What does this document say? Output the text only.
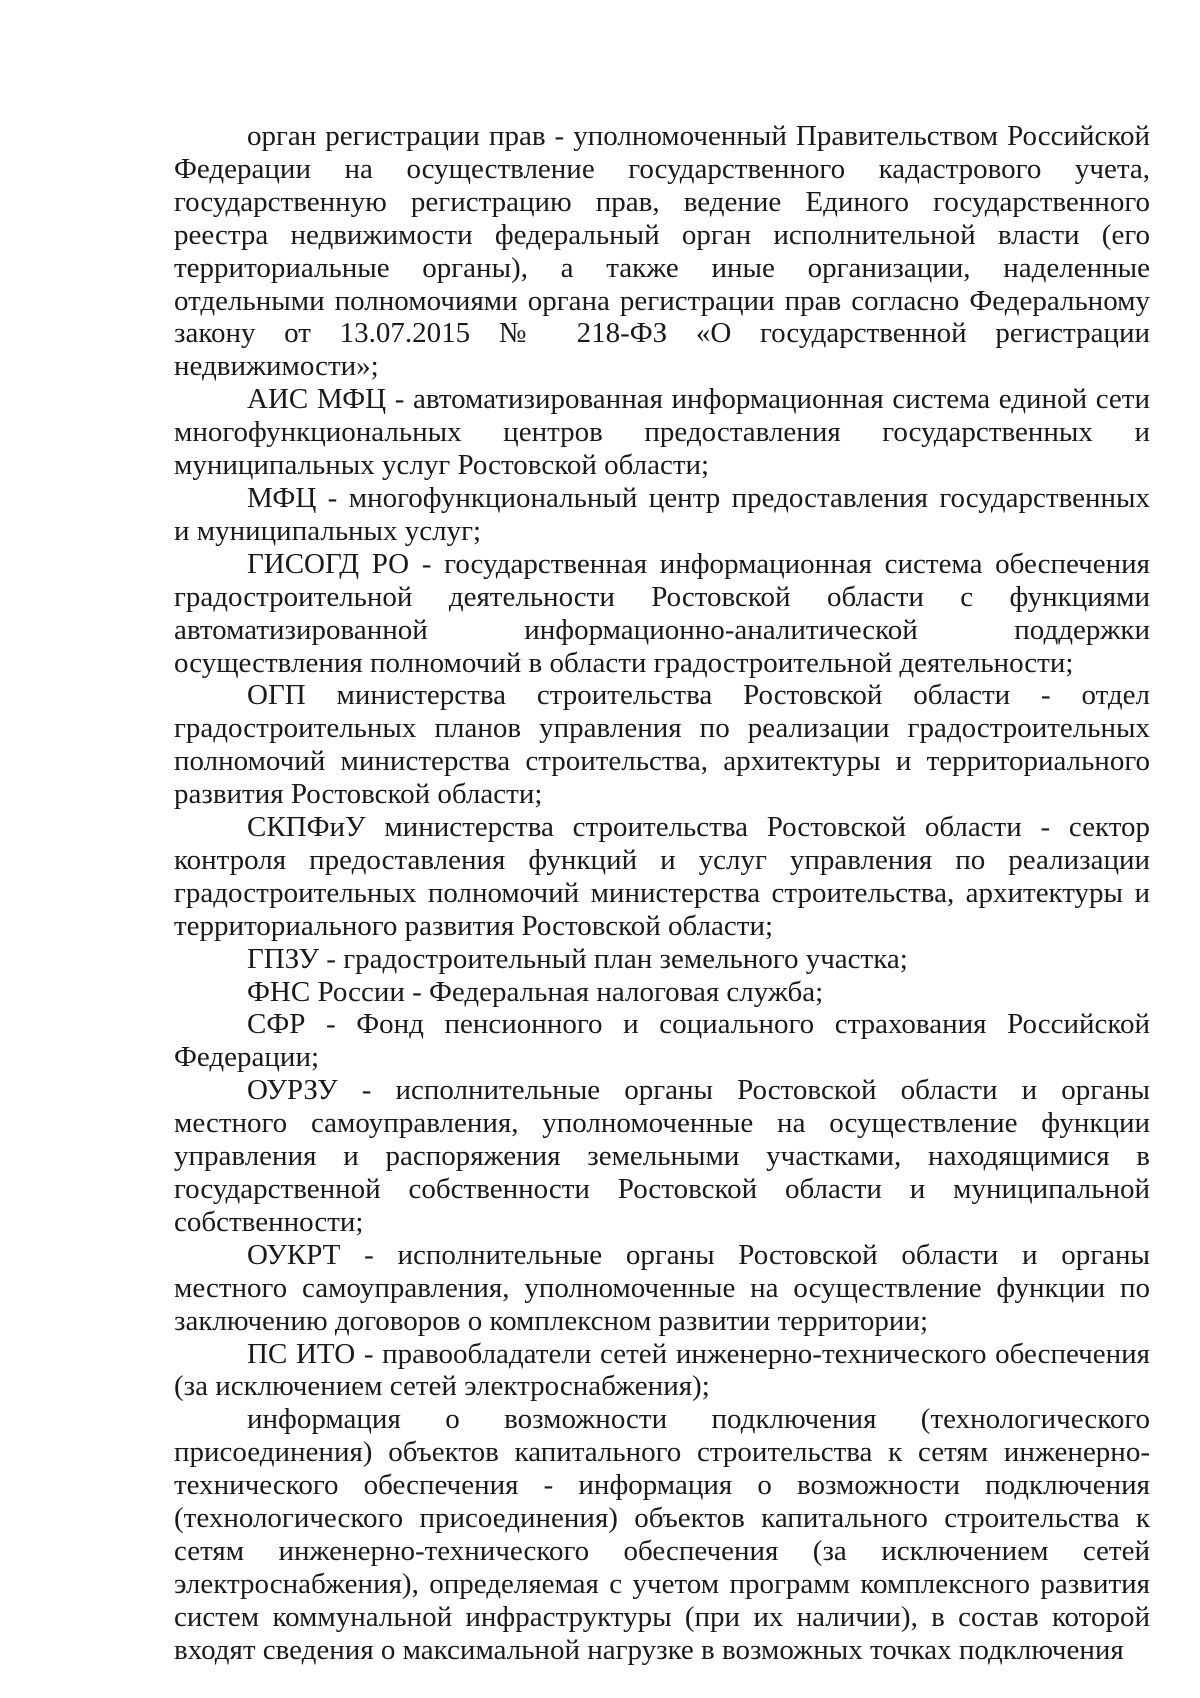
орган регистрации прав - уполномоченный Правительством Российской Федерации на осуществление государственного кадастрового учета, государственную регистрацию прав, ведение Единого государственного реестра недвижимости федеральный орган исполнительной власти (его территориальные органы), а также иные организации, наделенные отдельными полномочиями органа регистрации прав согласно Федеральному закону от 13.07.2015 № 218-ФЗ «О государственной регистрации недвижимости»;

АИС МФЦ - автоматизированная информационная система единой сети многофункциональных центров предоставления государственных и муниципальных услуг Ростовской области;

МФЦ - многофункциональный центр предоставления государственных и муниципальных услуг;

ГИСОГД РО - государственная информационная система обеспечения градостроительной деятельности Ростовской области с функциями автоматизированной информационно-аналитической поддержки осуществления полномочий в области градостроительной деятельности;

ОГП министерства строительства Ростовской области - отдел градостроительных планов управления по реализации градостроительных полномочий министерства строительства, архитектуры и территориального развития Ростовской области;

СКПФиУ министерства строительства Ростовской области - сектор контроля предоставления функций и услуг управления по реализации градостроительных полномочий министерства строительства, архитектуры и территориального развития Ростовской области;

ГПЗУ - градостроительный план земельного участка;

ФНС России - Федеральная налоговая служба;

СФР - Фонд пенсионного и социального страхования Российской Федерации;

ОУРЗУ - исполнительные органы Ростовской области и органы местного самоуправления, уполномоченные на осуществление функции управления и распоряжения земельными участками, находящимися в государственной собственности Ростовской области и муниципальной собственности;

ОУКРТ - исполнительные органы Ростовской области и органы местного самоуправления, уполномоченные на осуществление функции по заключению договоров о комплексном развитии территории;

ПС ИТО - правообладатели сетей инженерно-технического обеспечения (за исключением сетей электроснабжения);

информация о возможности подключения (технологического присоединения) объектов капитального строительства к сетям инженерно-технического обеспечения - информация о возможности подключения (технологического присоединения) объектов капитального строительства к сетям инженерно-технического обеспечения (за исключением сетей электроснабжения), определяемая с учетом программ комплексного развития систем коммунальной инфраструктуры (при их наличии), в состав которой входят сведения о максимальной нагрузке в возможных точках подключения
